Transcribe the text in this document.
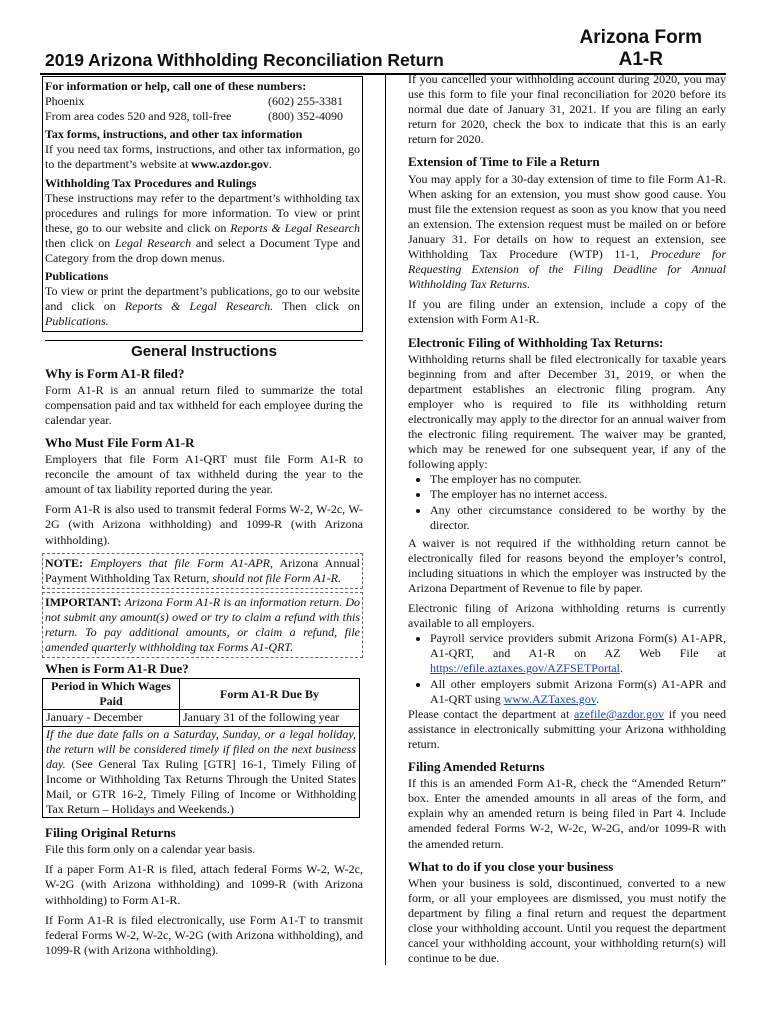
Arizona Form
A1-R
2019 Arizona Withholding Reconciliation Return

For information or help, call one of these numbers:

Phoenix	(602) 255-3381
From area codes 520 and 928, toll-free	(800) 352-4090

Tax forms, instructions, and other tax information

If you need tax forms, instructions, and other tax information, go to the department’s website at www.azdor.gov.

Withholding Tax Procedures and Rulings

These instructions may refer to the department’s withholding tax procedures and rulings for more information. To view or print these, go to our website and click on Reports & Legal Research then click on Legal Research and select a Document Type and Category from the drop down menus.

Publications

To view or print the department’s publications, go to our website and click on Reports & Legal Research. Then click on Publications.

General Instructions
Why is Form A1-R filed?

Form A1-R is an annual return filed to summarize the total compensation paid and tax withheld for each employee during the calendar year.

Who Must File Form A1-R

Employers that file Form A1-QRT must file Form A1-R to reconcile the amount of tax withheld during the year to the amount of tax liability reported during the year.

Form A1-R is also used to transmit federal Forms W-2, W-2c, W-2G (with Arizona withholding) and 1099-R (with Arizona withholding).

NOTE: Employers that file Form A1-APR, Arizona Annual Payment Withholding Tax Return, should not file Form A1-R.

IMPORTANT: Arizona Form A1-R is an information return. Do not submit any amount(s) owed or try to claim a refund with this return. To pay additional amounts, or claim a refund, file amended quarterly withholding tax Forms A1-QRT.

When is Form A1-R Due?
Period in Which Wages Paid	Form A1-R Due By
January - December	January 31 of the following year
If the due date falls on a Saturday, Sunday, or a legal holiday, the return will be considered timely if filed on the next business day. (See General Tax Ruling [GTR] 16-1, Timely Filing of Income or Withholding Tax Returns Through the United States Mail, or GTR 16-2, Timely Filing of Income or Withholding Tax Return – Holidays and Weekends.)	
Filing Original Returns

File this form only on a calendar year basis.

If a paper Form A1-R is filed, attach federal Forms W-2, W-2c, W-2G (with Arizona withholding) and 1099-R (with Arizona withholding) to Form A1-R.

If Form A1-R is filed electronically, use Form A1-T to transmit federal Forms W-2, W-2c, W-2G (with Arizona withholding), and 1099-R (with Arizona withholding).

If you cancelled your withholding account during 2020, you may use this form to file your final reconciliation for 2020 before its normal due date of January 31, 2021. If you are filing an early return for 2020, check the box to indicate that this is an early return for 2020.

Extension of Time to File a Return

You may apply for a 30-day extension of time to file Form A1-R. When asking for an extension, you must show good cause. You must file the extension request as soon as you know that you need an extension. The extension request must be mailed on or before January 31. For details on how to request an extension, see Withholding Tax Procedure (WTP) 11-1, Procedure for Requesting Extension of the Filing Deadline for Annual Withholding Tax Returns.

If you are filing under an extension, include a copy of the extension with Form A1-R.

Electronic Filing of Withholding Tax Returns:

Withholding returns shall be filed electronically for taxable years beginning from and after December 31, 2019, or when the department establishes an electronic filing program. Any employer who is required to file its withholding return electronically may apply to the director for an annual waiver from the electronic filing requirement. The waiver may be granted, which may be renewed for one subsequent year, if any of the following apply:

• The employer has no computer.
• The employer has no internet access.
• Any other circumstance considered to be worthy by the director.

A waiver is not required if the withholding return cannot be electronically filed for reasons beyond the employer’s control, including situations in which the employer was instructed by the Arizona Department of Revenue to file by paper.

Electronic filing of Arizona withholding returns is currently available to all employers.

• Payroll service providers submit Arizona Form(s) A1-APR, A1-QRT, and A1-R on AZ Web File at https://efile.aztaxes.gov/AZFSETPortal.
• All other employers submit Arizona Form(s) A1-APR and A1-QRT using www.AZTaxes.gov.

Please contact the department at azefile@azdor.gov if you need assistance in electronically submitting your Arizona withholding return.

Filing Amended Returns

If this is an amended Form A1-R, check the “Amended Return” box. Enter the amended amounts in all areas of the form, and explain why an amended return is being filed in Part 4. Include amended federal Forms W-2, W-2c, W-2G, and/or 1099-R with the amended return.

What to do if you close your business

When your business is sold, discontinued, converted to a new form, or all your employees are dismissed, you must notify the department by filing a final return and request the department close your withholding account. Until you request the department cancel your withholding account, your withholding return(s) will continue to be due.
